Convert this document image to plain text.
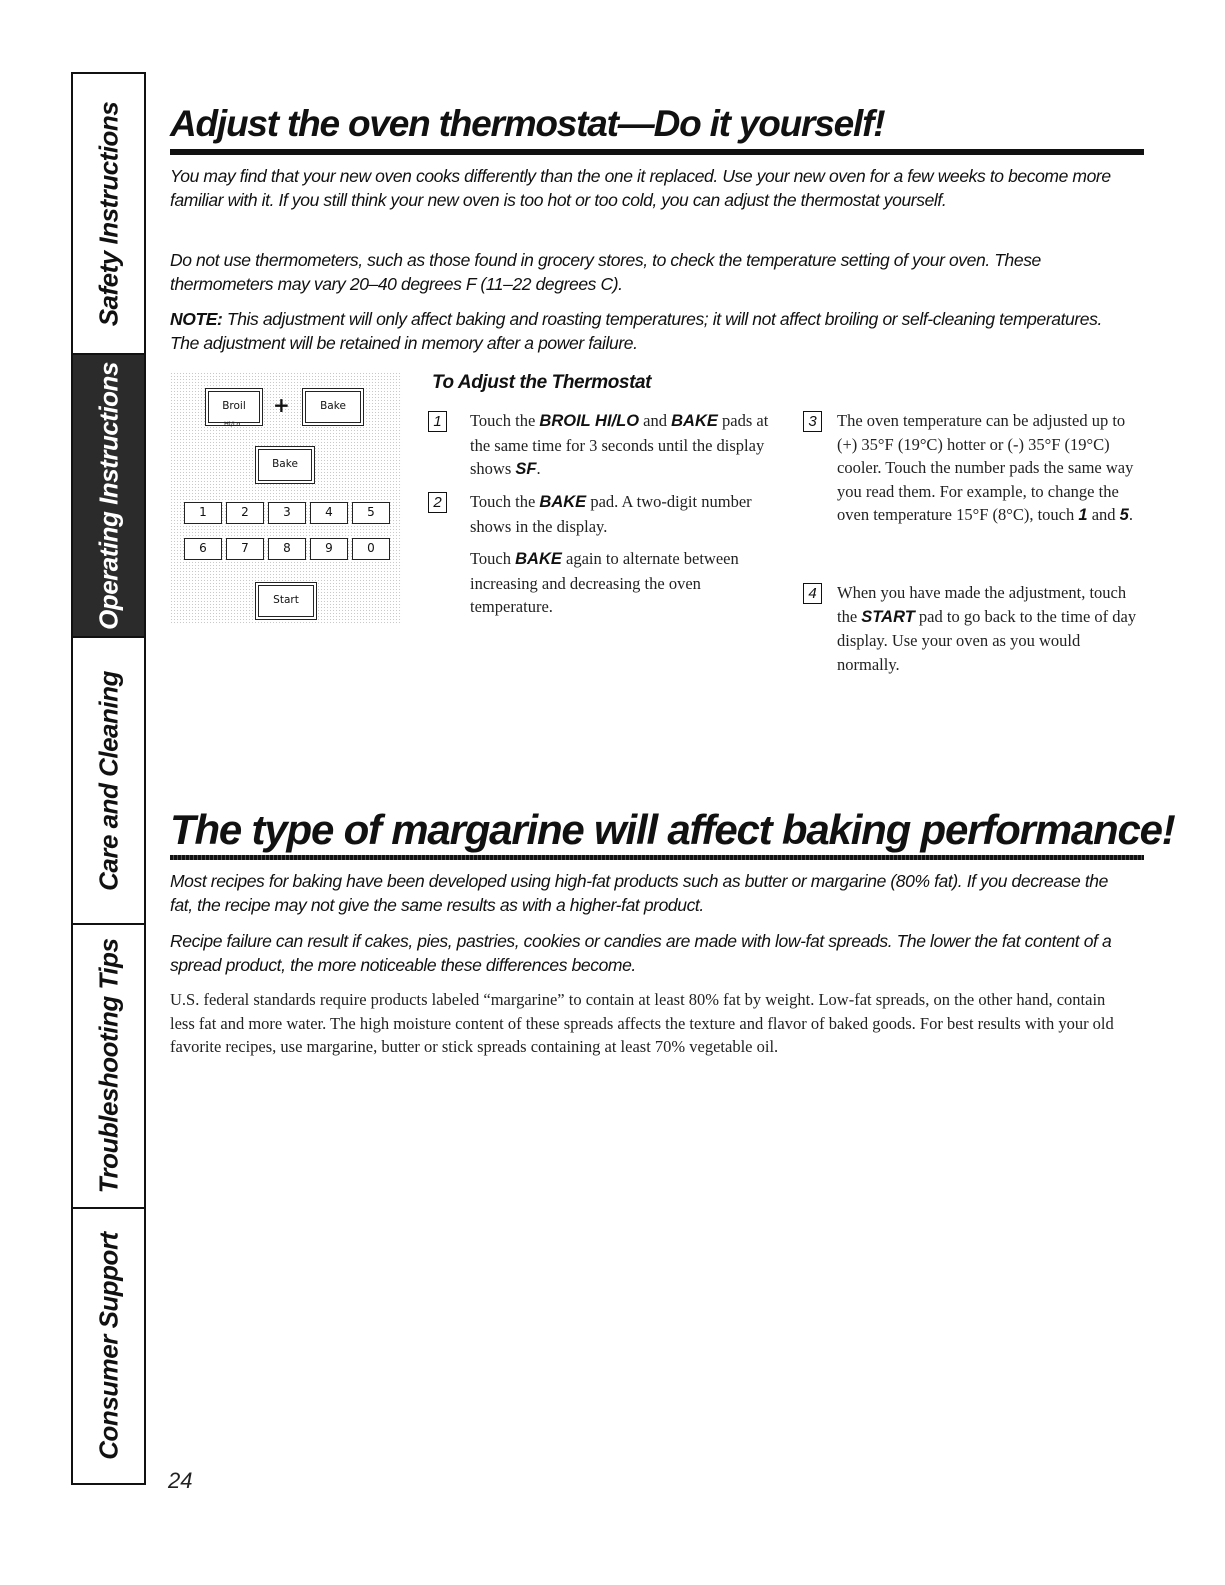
Safety Instructions
Operating Instructions
Care and Cleaning
Troubleshooting Tips
Consumer Support
Adjust the oven thermostat—Do it yourself!
You may find that your new oven cooks differently than the one it replaced. Use your new oven for a few weeks to become more familiar with it. If you still think your new oven is too hot or too cold, you can adjust the thermostat yourself.
Do not use thermometers, such as those found in grocery stores, to check the temperature setting of your oven. These thermometers may vary 20–40 degrees F (11–22 degrees C).
NOTE: This adjustment will only affect baking and roasting temperatures; it will not affect broiling or self-cleaning temperatures. The adjustment will be retained in memory after a power failure.
Broil
Hi/Lo
+	Bake
Bake
1	2	3	4	5
6	7	8	9	0
Start
To Adjust the Thermostat
1	Touch the BROIL HI/LO and BAKE pads at the same time for 3 seconds until the display shows SF.
2	Touch the BAKE pad. A two-digit number shows in the display.
Touch BAKE again to alternate between increasing and decreasing the oven temperature.
3	The oven temperature can be adjusted up to (+) 35°F (19°C) hotter or (-) 35°F (19°C) cooler. Touch the number pads the same way you read them. For example, to change the oven temperature 15°F (8°C), touch 1 and 5.
4	When you have made the adjustment, touch the START pad to go back to the time of day display. Use your oven as you would normally.
The type of margarine will affect baking performance!
Most recipes for baking have been developed using high-fat products such as butter or margarine (80% fat). If you decrease the fat, the recipe may not give the same results as with a higher-fat product.
Recipe failure can result if cakes, pies, pastries, cookies or candies are made with low-fat spreads. The lower the fat content of a spread product, the more noticeable these differences become.
U.S. federal standards require products labeled “margarine” to contain at least 80% fat by weight. Low-fat spreads, on the other hand, contain less fat and more water. The high moisture content of these spreads affects the texture and flavor of baked goods. For best results with your old favorite recipes, use margarine, butter or stick spreads containing at least 70% vegetable oil.
24
